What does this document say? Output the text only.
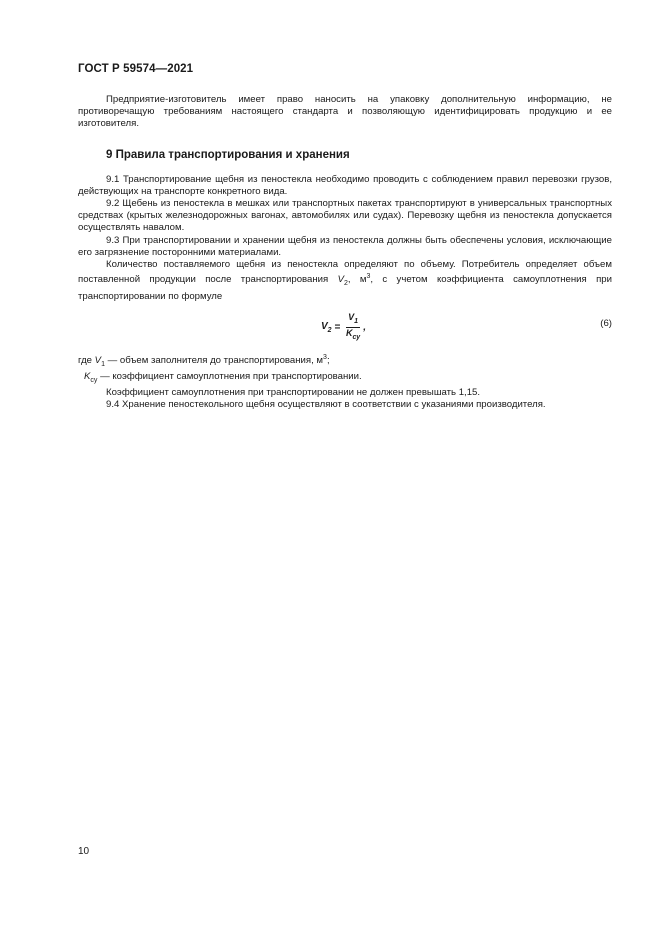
ГОСТ Р 59574—2021

Предприятие-изготовитель имеет право наносить на упаковку дополнительную информацию, не противоречащую требованиям настоящего стандарта и позволяющую идентифицировать продукцию и ее изготовителя.

9 Правила транспортирования и хранения

9.1 Транспортирование щебня из пеностекла необходимо проводить с соблюдением правил перевозки грузов, действующих на транспорте конкретного вида.

9.2 Щебень из пеностекла в мешках или транспортных пакетах транспортируют в универсальных транспортных средствах (крытых железнодорожных вагонах, автомобилях или судах). Перевозку щебня из пеностекла допускается осуществлять навалом.

9.3 При транспортировании и хранении щебня из пеностекла должны быть обеспечены условия, исключающие его загрязнение посторонними материалами.

Количество поставляемого щебня из пеностекла определяют по объему. Потребитель определяет объем поставленной продукции после транспортирования $V_2$, $м^3$, с учетом коэффициента самоуплотнения при транспортировании по формуле

$V_2 = \frac{V_1}{K_{су}}$ ,	(6)
где $V_1$ — объем заполнителя до транспортирования, $м^3$;
$K_{су}$ — коэффициент самоуплотнения при транспортировании.

Коэффициент самоуплотнения при транспортировании не должен превышать 1,15.

9.4 Хранение пеностекольного щебня осуществляют в соответствии с указаниями производителя.

10
